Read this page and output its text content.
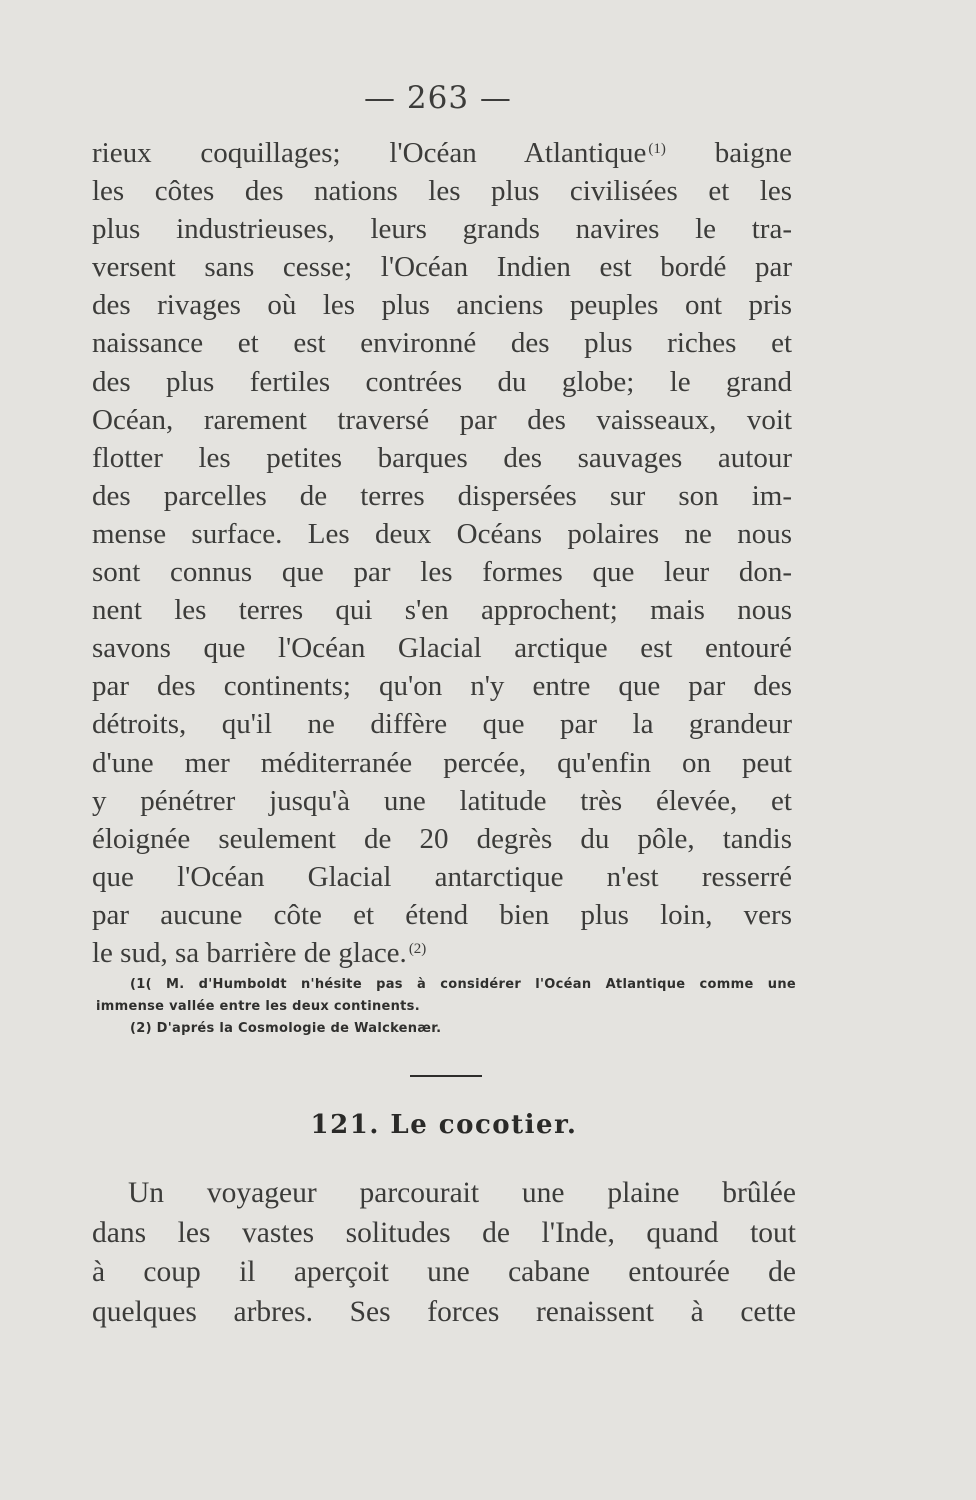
— 263 —
rieux coquillages; l'Océan Atlantique $^{(1)}$ baigne
les côtes des nations les plus civilisées et les
plus industrieuses, leurs grands navires le tra-
versent sans cesse; l'Océan Indien est bordé par
des rivages où les plus anciens peuples ont pris
naissance et est environné des plus riches et
des plus fertiles contrées du globe; le grand
Océan, rarement traversé par des vaisseaux, voit
flotter les petites barques des sauvages autour
des parcelles de terres dispersées sur son im-
mense surface. Les deux Océans polaires ne nous
sont connus que par les formes que leur don-
nent les terres qui s'en approchent; mais nous
savons que l'Océan Glacial arctique est entouré
par des continents; qu'on n'y entre que par des
détroits, qu'il ne diffère que par la grandeur
d'une mer méditerranée percée, qu'enfin on peut
y pénétrer jusqu'à une latitude très élevée, et
éloignée seulement de 20 degrès du pôle, tandis
que l'Océan Glacial antarctique n'est resserré
par aucune côte et étend bien plus loin, vers
le sud, sa barrière de glace. $^{(2)}$
(1( M. d'Humboldt n'hésite pas à considérer l'Océan Atlantique comme une
immense vallée entre les deux continents.
(2) D'aprés la Cosmologie de Walckenær.
121. Le cocotier.
Un voyageur parcourait une plaine brûlée
dans les vastes solitudes de l'Inde, quand tout
à coup il aperçoit une cabane entourée de
quelques arbres. Ses forces renaissent à cette
